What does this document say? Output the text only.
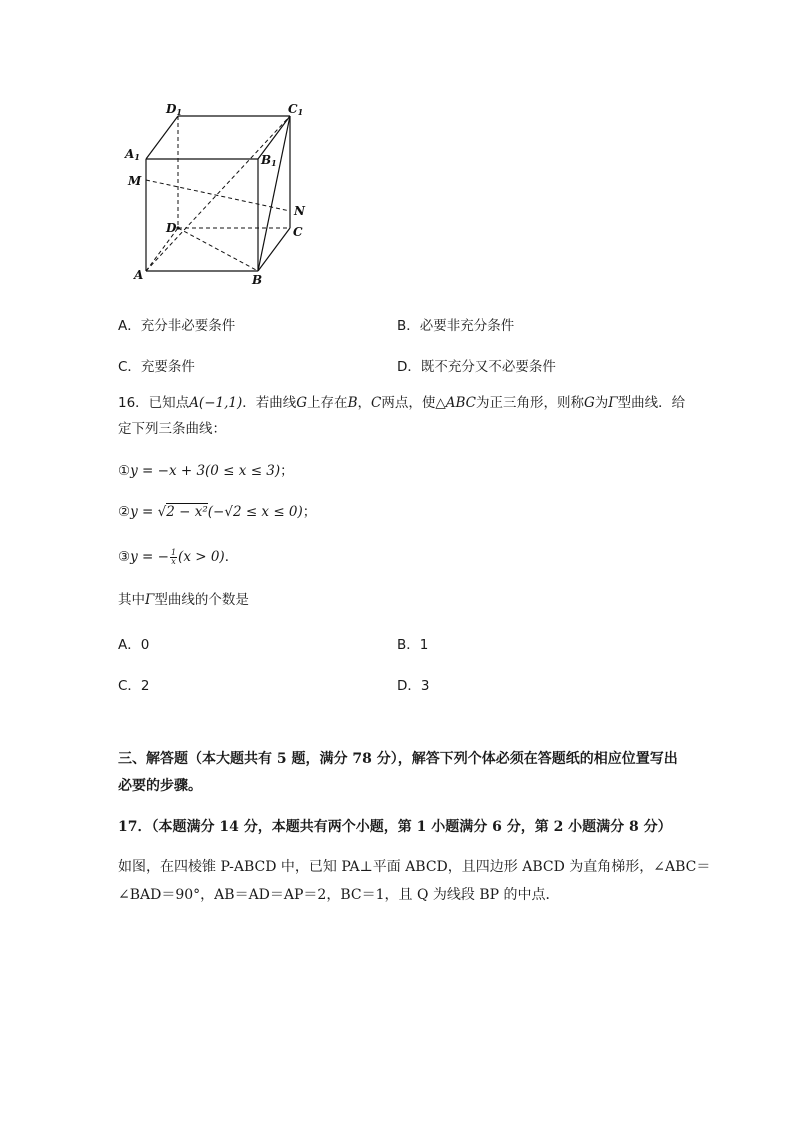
D1	C1
A1	B1
M
N
D	C
A	B
A．充分非必要条件	B．必要非充分条件
C．充要条件	D．既不充分又不必要条件
16．已知点A(−1,1)．若曲线G上存在B，C两点，使△ABC为正三角形，则称G为Γ型曲线．给
定下列三条曲线：
①y = −x + 3(0 ≤ x ≤ 3)；
②y = √2 − x²(−√2 ≤ x ≤ 0)；
③y = − $\frac{1}{x} (x > 0)$．
其中Γ型曲线的个数是
A．0	B．1
C．2	D．3
三、解答题（本大题共有 5 题，满分 78 分），解答下列个体必须在答题纸的相应位置写出
必要的步骤。
17．（本题满分 14 分，本题共有两个小题，第 1 小题满分 6 分，第 2 小题满分 8 分）
如图，在四棱锥 P-ABCD 中，已知 PA⊥平面 ABCD，且四边形 ABCD 为直角梯形，∠ABC＝
∠BAD＝90°，AB＝AD＝AP＝2，BC＝1，且 Q 为线段 BP 的中点．
